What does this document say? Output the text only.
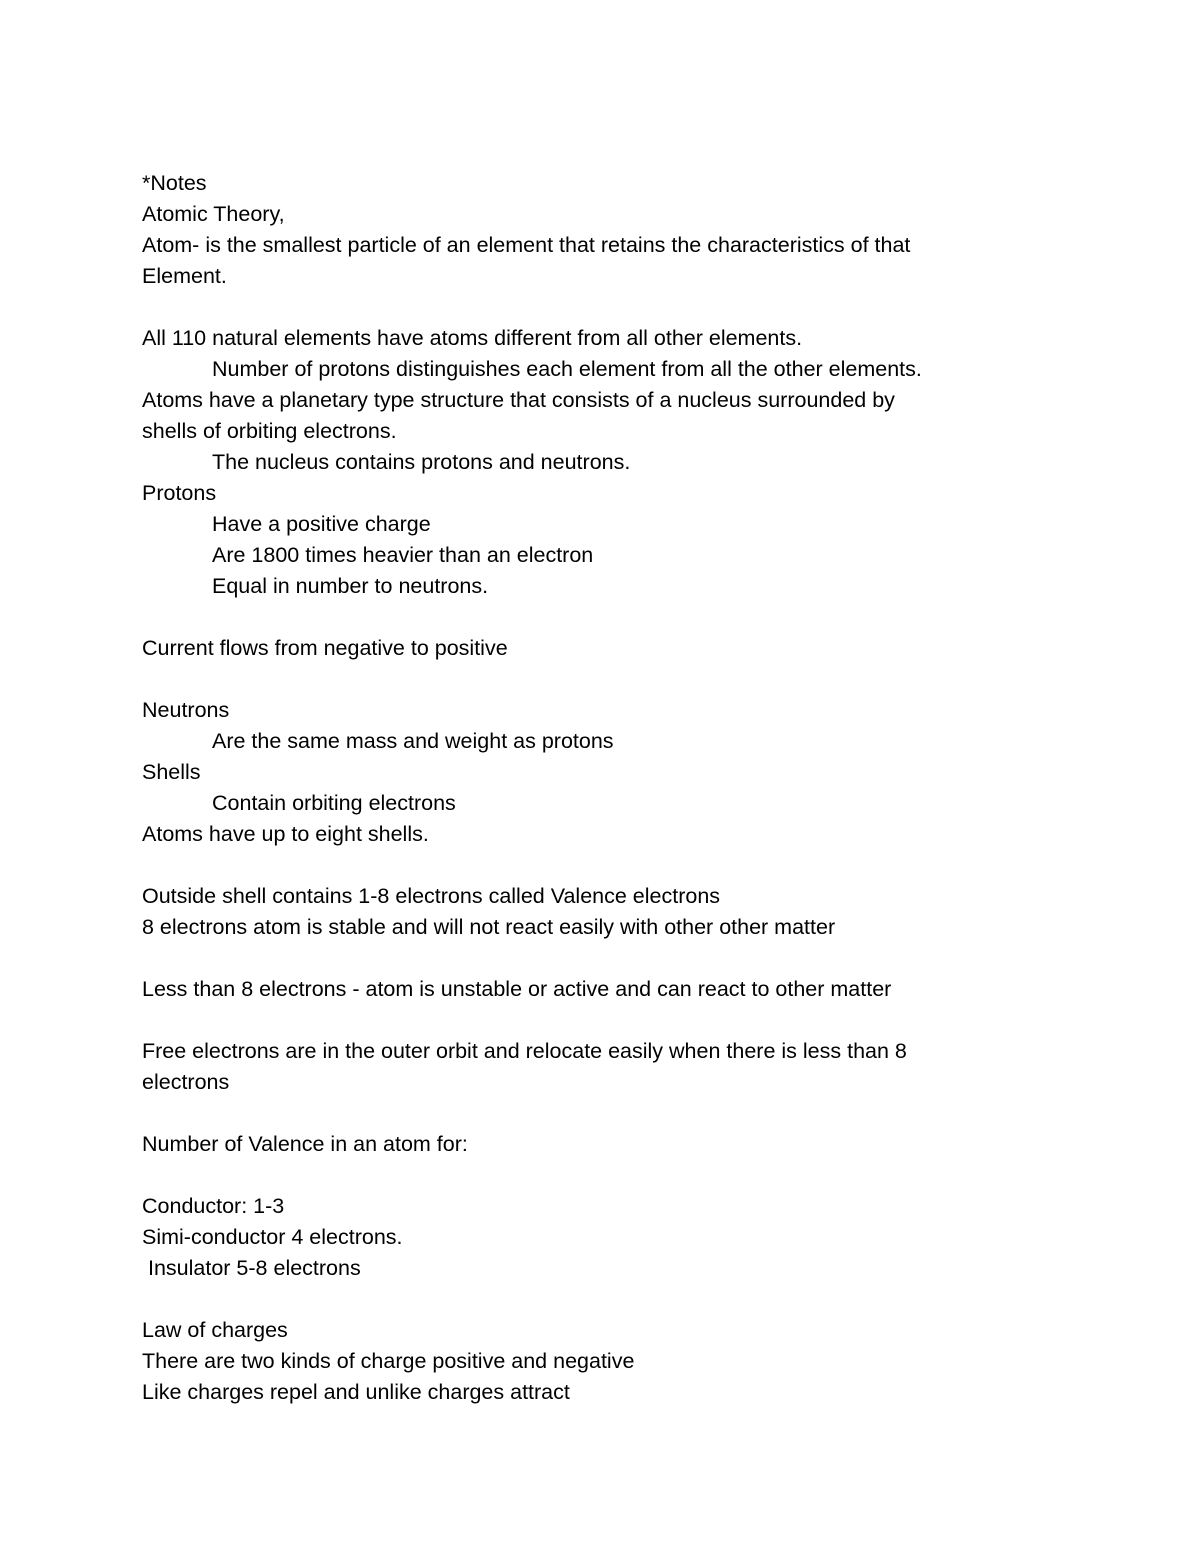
*Notes

Atomic Theory,

Atom- is the smallest particle of an element that retains the characteristics of that

Element.

All 110 natural elements have atoms different from all other elements.

Number of protons distinguishes each element from all the other elements.

Atoms have a planetary type structure that consists of a nucleus surrounded by

shells of orbiting electrons.

The nucleus contains protons and neutrons.

Protons

Have a positive charge

Are 1800 times heavier than an electron

Equal in number to neutrons.

Current flows from negative to positive

Neutrons

Are the same mass and weight as protons

Shells

Contain orbiting electrons

Atoms have up to eight shells.

Outside shell contains 1-8 electrons called Valence electrons

8 electrons atom is stable and will not react easily with other other matter

Less than 8 electrons - atom is unstable or active and can react to other matter

Free electrons are in the outer orbit and relocate easily when there is less than 8

electrons

Number of Valence in an atom for:

Conductor: 1-3

Simi-conductor 4 electrons.

Insulator 5-8 electrons

Law of charges

There are two kinds of charge positive and negative

Like charges repel and unlike charges attract
